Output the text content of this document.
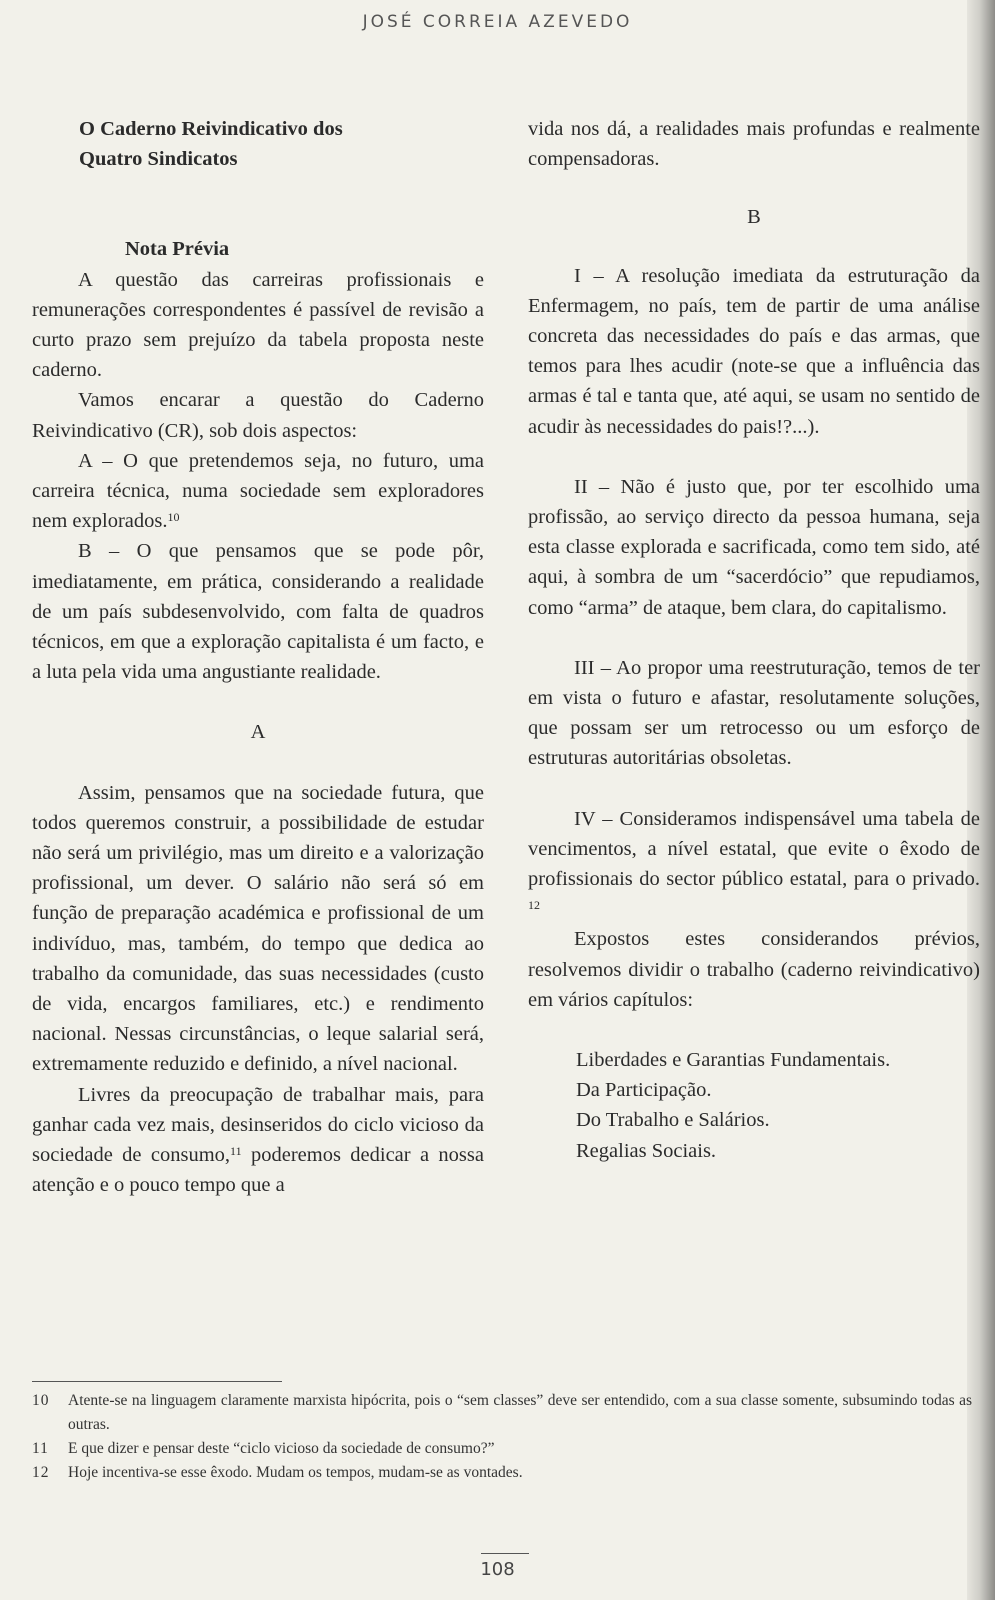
JOSÉ CORREIA AZEVEDO

O Caderno Reivindicativo dos

Quatro Sindicatos

Nota Prévia

A questão das carreiras profissionais e remunerações correspondentes é passível de revisão a curto prazo sem prejuízo da tabela proposta neste caderno.

Vamos encarar a questão do Caderno Reivindicativo (CR), sob dois aspectos:

A – O que pretendemos seja, no futuro, uma carreira técnica, numa sociedade sem exploradores nem explorados.$^{10}$

B – O que pensamos que se pode pôr, imediatamente, em prática, considerando a realidade de um país subdesenvolvido, com falta de quadros técnicos, em que a exploração capitalista é um facto, e a luta pela vida uma angustiante realidade.

A

Assim, pensamos que na sociedade futura, que todos queremos construir, a possibilidade de estudar não será um privilégio, mas um direito e a valorização profissional, um dever. O salário não será só em função de preparação académica e profissional de um indivíduo, mas, também, do tempo que dedica ao trabalho da comunidade, das suas necessidades (custo de vida, encargos familiares, etc.) e rendimento nacional. Nessas circunstâncias, o leque salarial será, extremamente reduzido e definido, a nível nacional.

Livres da preocupação de trabalhar mais, para ganhar cada vez mais, desinseridos do ciclo vicioso da sociedade de consumo,$^{11}$ poderemos dedicar a nossa atenção e o pouco tempo que a

vida nos dá, a realidades mais profundas e realmente compensadoras.

B

I – A resolução imediata da estruturação da Enfermagem, no país, tem de partir de uma análise concreta das necessidades do país e das armas, que temos para lhes acudir (note-se que a influência das armas é tal e tanta que, até aqui, se usam no sentido de acudir às necessidades do pais!?...).

II – Não é justo que, por ter escolhido uma profissão, ao serviço directo da pessoa humana, seja esta classe explorada e sacrificada, como tem sido, até aqui, à sombra de um “sacerdócio” que repudiamos, como “arma” de ataque, bem clara, do capitalismo.

III – Ao propor uma reestruturação, temos de ter em vista o futuro e afastar, resolutamente soluções, que possam ser um retrocesso ou um esforço de estruturas autoritárias obsoletas.

IV – Consideramos indispensável uma tabela de vencimentos, a nível estatal, que evite o êxodo de profissionais do sector público estatal, para o privado. $^{12}$

Expostos estes considerandos prévios, resolvemos dividir o trabalho (caderno reivindicativo) em vários capítulos:

Liberdades e Garantias Fundamentais.
Da Participação.
Do Trabalho e Salários.
Regalias Sociais.
10	Atente-se na linguagem claramente marxista hipócrita, pois o “sem classes” deve ser entendido, com a sua classe somente, subsumindo todas as outras.
11	E que dizer e pensar deste “ciclo vicioso da sociedade de consumo?”
12	Hoje incentiva-se esse êxodo. Mudam os tempos, mudam-se as vontades.
108
